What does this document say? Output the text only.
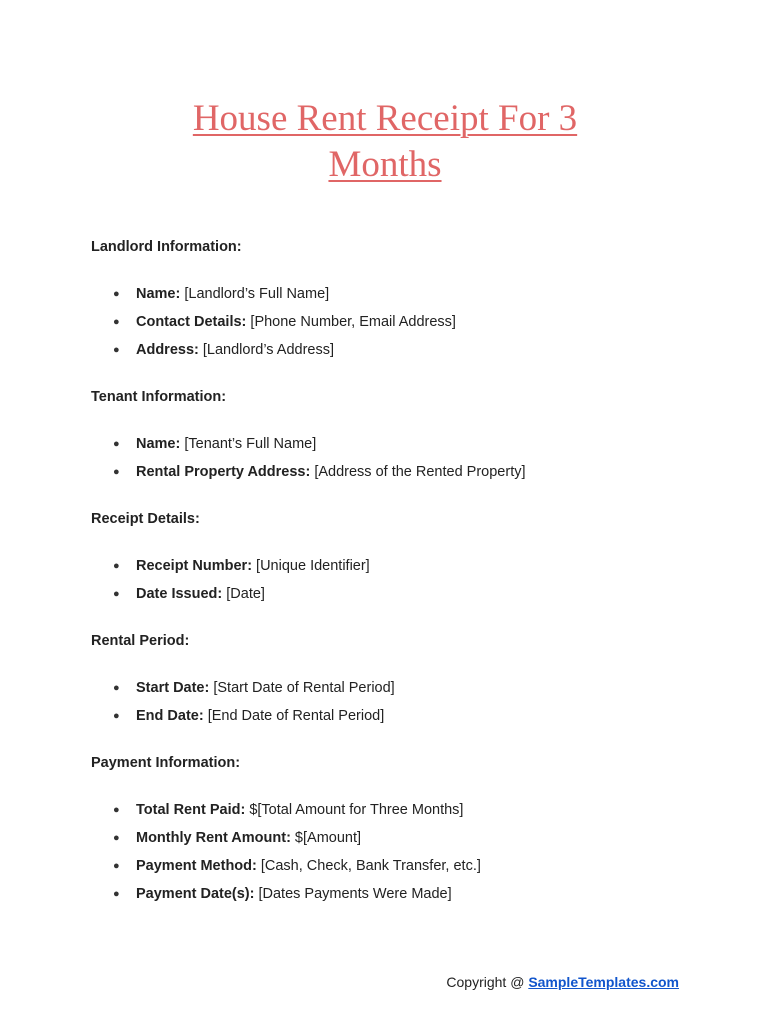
House Rent Receipt For 3
Months
Landlord Information:
● Name: [Landlord’s Full Name]
● Contact Details: [Phone Number, Email Address]
● Address: [Landlord’s Address]
Tenant Information:
● Name: [Tenant’s Full Name]
● Rental Property Address: [Address of the Rented Property]
Receipt Details:
● Receipt Number: [Unique Identifier]
● Date Issued: [Date]
Rental Period:
● Start Date: [Start Date of Rental Period]
● End Date: [End Date of Rental Period]
Payment Information:
● Total Rent Paid: $[Total Amount for Three Months]
● Monthly Rent Amount: $[Amount]
● Payment Method: [Cash, Check, Bank Transfer, etc.]
● Payment Date(s): [Dates Payments Were Made]
Copyright @ SampleTemplates.com
